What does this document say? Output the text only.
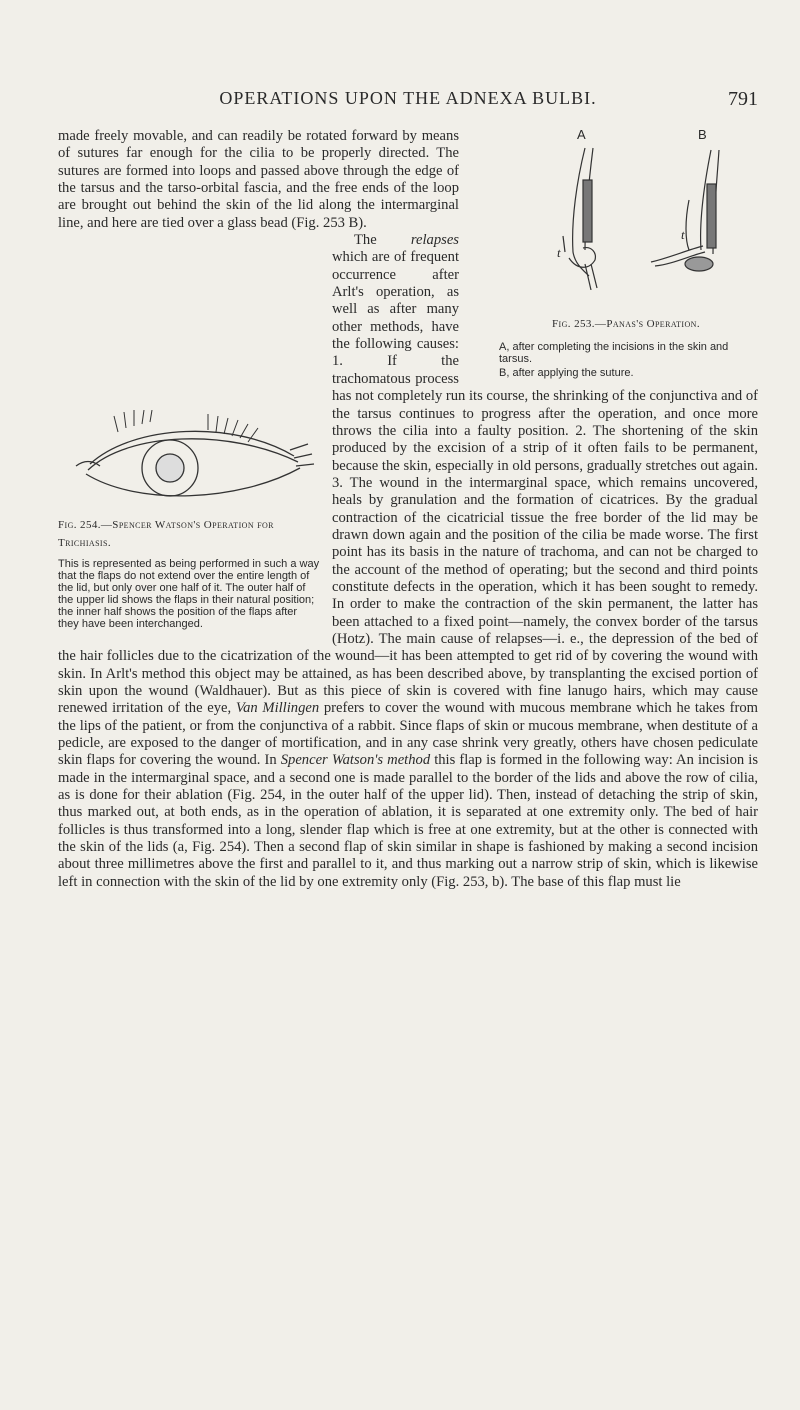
OPERATIONS UPON THE ADNEXA BULBI.	791
A	B
t
t
Fig. 253.—Panas's Operation.
A, after completing the incisions in the skin and tarsus.
B, after applying the suture.

made freely movable, and can readily be rotated forward by means of sutures far enough for the cilia to be properly directed. The sutures are formed into loops and passed above through the edge of the tarsus and the tarso-orbital fascia, and the free ends of the loop are brought out behind the skin of the lid along the intermarginal line, and here are tied over a glass bead (Fig. 253 B).

Fig. 254.—Spencer Watson's Operation for Trichiasis.
This is represented as being performed in such a way that the flaps do not extend over the entire length of the lid, but only over one half of it. The outer half of the upper lid shows the flaps in their natural position; the inner half shows the position of the flaps after they have been interchanged.

The relapses which are of frequent occurrence after Arlt's operation, as well as after many other methods, have the following causes: 1. If the trachomatous process has not completely run its course, the shrinking of the conjunctiva and of the tarsus continues to progress after the operation, and once more throws the cilia into a faulty position. 2. The shortening of the skin produced by the excision of a strip of it often fails to be permanent, because the skin, especially in old persons, gradually stretches out again. 3. The wound in the intermarginal space, which remains uncovered, heals by granulation and the formation of cicatrices. By the gradual contraction of the cicatricial tissue the free border of the lid may be drawn down again and the position of the cilia be made worse. The first point has its basis in the nature of trachoma, and can not be charged to the account of the method of operating; but the second and third points constitute defects in the operation, which it has been sought to remedy. In order to make the contraction of the skin permanent, the latter has been attached to a fixed point—namely, the convex border of the tarsus (Hotz). The main cause of relapses—i. e., the depression of the bed of the hair follicles due to the cicatrization of the wound—it has been attempted to get rid of by covering the wound with skin. In Arlt's method this object may be attained, as has been described above, by transplanting the excised portion of skin upon the wound (Waldhauer). But as this piece of skin is covered with fine lanugo hairs, which may cause renewed irritation of the eye, Van Millingen prefers to cover the wound with mucous membrane which he takes from the lips of the patient, or from the conjunctiva of a rabbit. Since flaps of skin or mucous membrane, when destitute of a pedicle, are exposed to the danger of mortification, and in any case shrink very greatly, others have chosen pediculate skin flaps for covering the wound. In Spencer Watson's method this flap is formed in the following way: An incision is made in the intermarginal space, and a second one is made parallel to the border of the lids and above the row of cilia, as is done for their ablation (Fig. 254, in the outer half of the upper lid). Then, instead of detaching the strip of skin, thus marked out, at both ends, as in the operation of ablation, it is separated at one extremity only. The bed of hair follicles is thus transformed into a long, slender flap which is free at one extremity, but at the other is connected with the skin of the lids (a, Fig. 254). Then a second flap of skin similar in shape is fashioned by making a second incision about three millimetres above the first and parallel to it, and thus marking out a narrow strip of skin, which is likewise left in connection with the skin of the lid by one extremity only (Fig. 253, b). The base of this flap must lie
